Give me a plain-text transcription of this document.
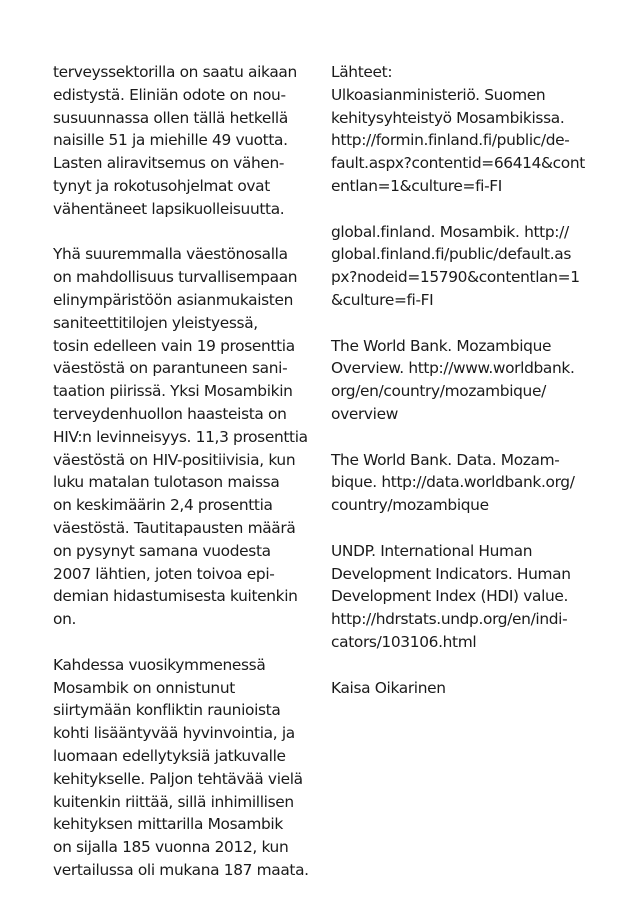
terveyssektorilla on saatu aikaan
edistystä. Eliniän odote on nou-
susuunnassa ollen tällä hetkellä
naisille 51 ja miehille 49 vuotta.
Lasten aliravitsemus on vähen-
tynyt ja rokotusohjelmat ovat
vähentäneet lapsikuolleisuutta.
Yhä suuremmalla väestönosalla
on mahdollisuus turvallisempaan
elinympäristöön asianmukaisten
saniteettitilojen yleistyessä,
tosin edelleen vain 19 prosenttia
väestöstä on parantuneen sani-
taation piirissä. Yksi Mosambikin
terveydenhuollon haasteista on
HIV:n levinneisyys. 11,3 prosenttia
väestöstä on HIV-positiivisia, kun
luku matalan tulotason maissa
on keskimäärin 2,4 prosenttia
väestöstä. Tautitapausten määrä
on pysynyt samana vuodesta
2007 lähtien, joten toivoa epi-
demian hidastumisesta kuitenkin
on.
Kahdessa vuosikymmenessä
Mosambik on onnistunut
siirtymään konfliktin raunioista
kohti lisääntyvää hyvinvointia, ja
luomaan edellytyksiä jatkuvalle
kehitykselle. Paljon tehtävää vielä
kuitenkin riittää, sillä inhimillisen
kehityksen mittarilla Mosambik
on sijalla 185 vuonna 2012, kun
vertailussa oli mukana 187 maata.
Lähteet:
Ulkoasianministeriö. Suomen
kehitysyhteistyö Mosambikissa.
http://formin.finland.fi/public/de-
fault.aspx?contentid=66414&cont
entlan=1&culture=fi-FI
global.finland. Mosambik. http://
global.finland.fi/public/default.as
px?nodeid=15790&contentlan=1
&culture=fi-FI
The World Bank. Mozambique
Overview. http://www.worldbank.
org/en/country/mozambique/
overview
The World Bank. Data. Mozam-
bique. http://data.worldbank.org/
country/mozambique
UNDP. International Human
Development Indicators. Human
Development Index (HDI) value.
http://hdrstats.undp.org/en/indi-
cators/103106.html
Kaisa Oikarinen
